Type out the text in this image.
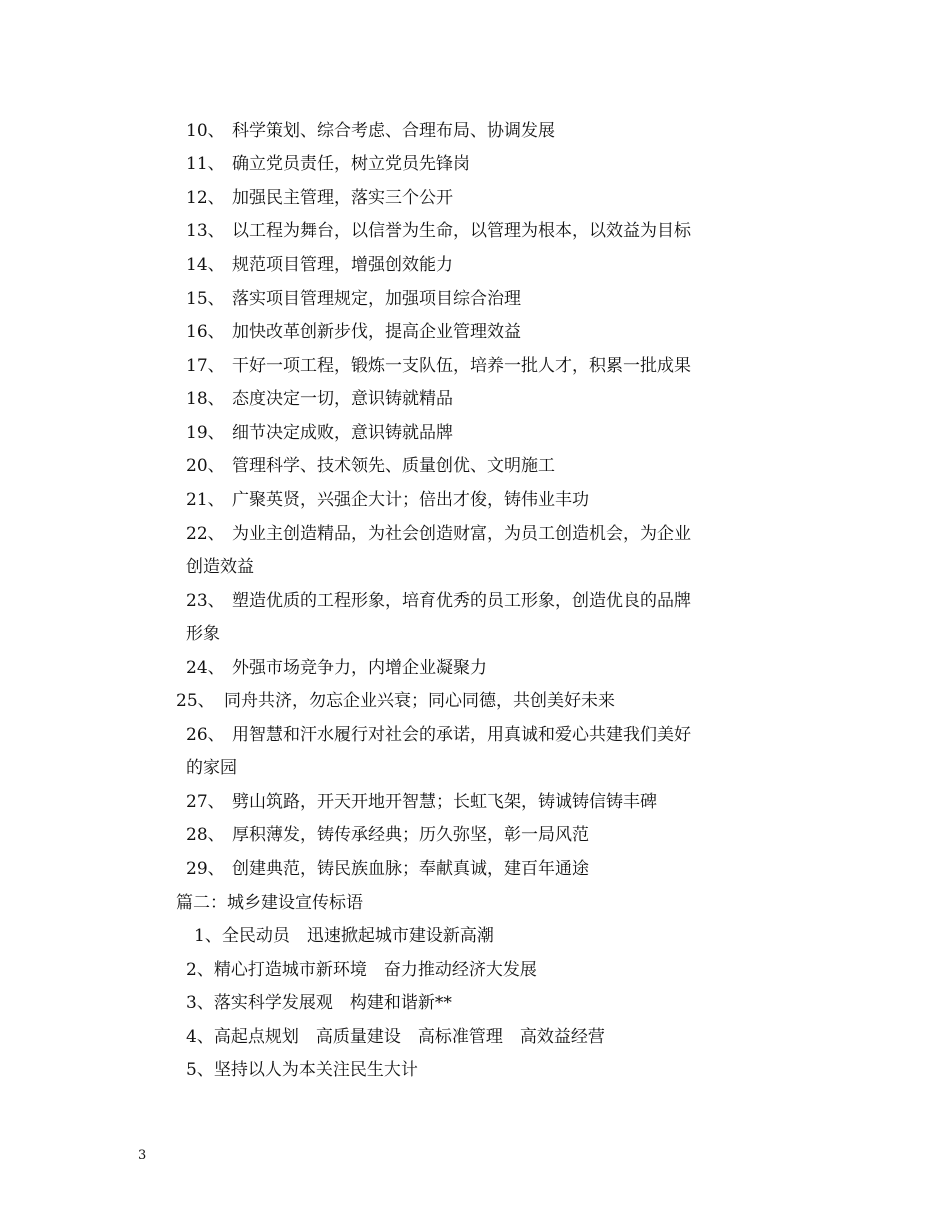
10、 科学策划、综合考虑、合理布局、协调发展
11、 确立党员责任，树立党员先锋岗
12、 加强民主管理，落实三个公开
13、 以工程为舞台，以信誉为生命，以管理为根本，以效益为目标
14、 规范项目管理，增强创效能力
15、 落实项目管理规定，加强项目综合治理
16、 加快改革创新步伐，提高企业管理效益
17、 干好一项工程，锻炼一支队伍，培养一批人才，积累一批成果
18、 态度决定一切，意识铸就精品
19、 细节决定成败，意识铸就品牌
20、 管理科学、技术领先、质量创优、文明施工
21、 广聚英贤，兴强企大计；倍出才俊，铸伟业丰功
22、 为业主创造精品，为社会创造财富，为员工创造机会，为企业
创造效益
23、 塑造优质的工程形象，培育优秀的员工形象，创造优良的品牌
形象
24、 外强市场竞争力，内增企业凝聚力
25、 同舟共济，勿忘企业兴衰；同心同德，共创美好未来
26、 用智慧和汗水履行对社会的承诺，用真诚和爱心共建我们美好
的家园
27、 劈山筑路，开天开地开智慧；长虹飞架，铸诚铸信铸丰碑
28、 厚积薄发，铸传承经典；历久弥坚，彰一局风范
29、 创建典范，铸民族血脉；奉献真诚，建百年通途
篇二：城乡建设宣传标语
1、全民动员　迅速掀起城市建设新高潮
2、精心打造城市新环境　奋力推动经济大发展
3、落实科学发展观　构建和谐新**
4、高起点规划　高质量建设　高标准管理　高效益经营
5、坚持以人为本关注民生大计
3
